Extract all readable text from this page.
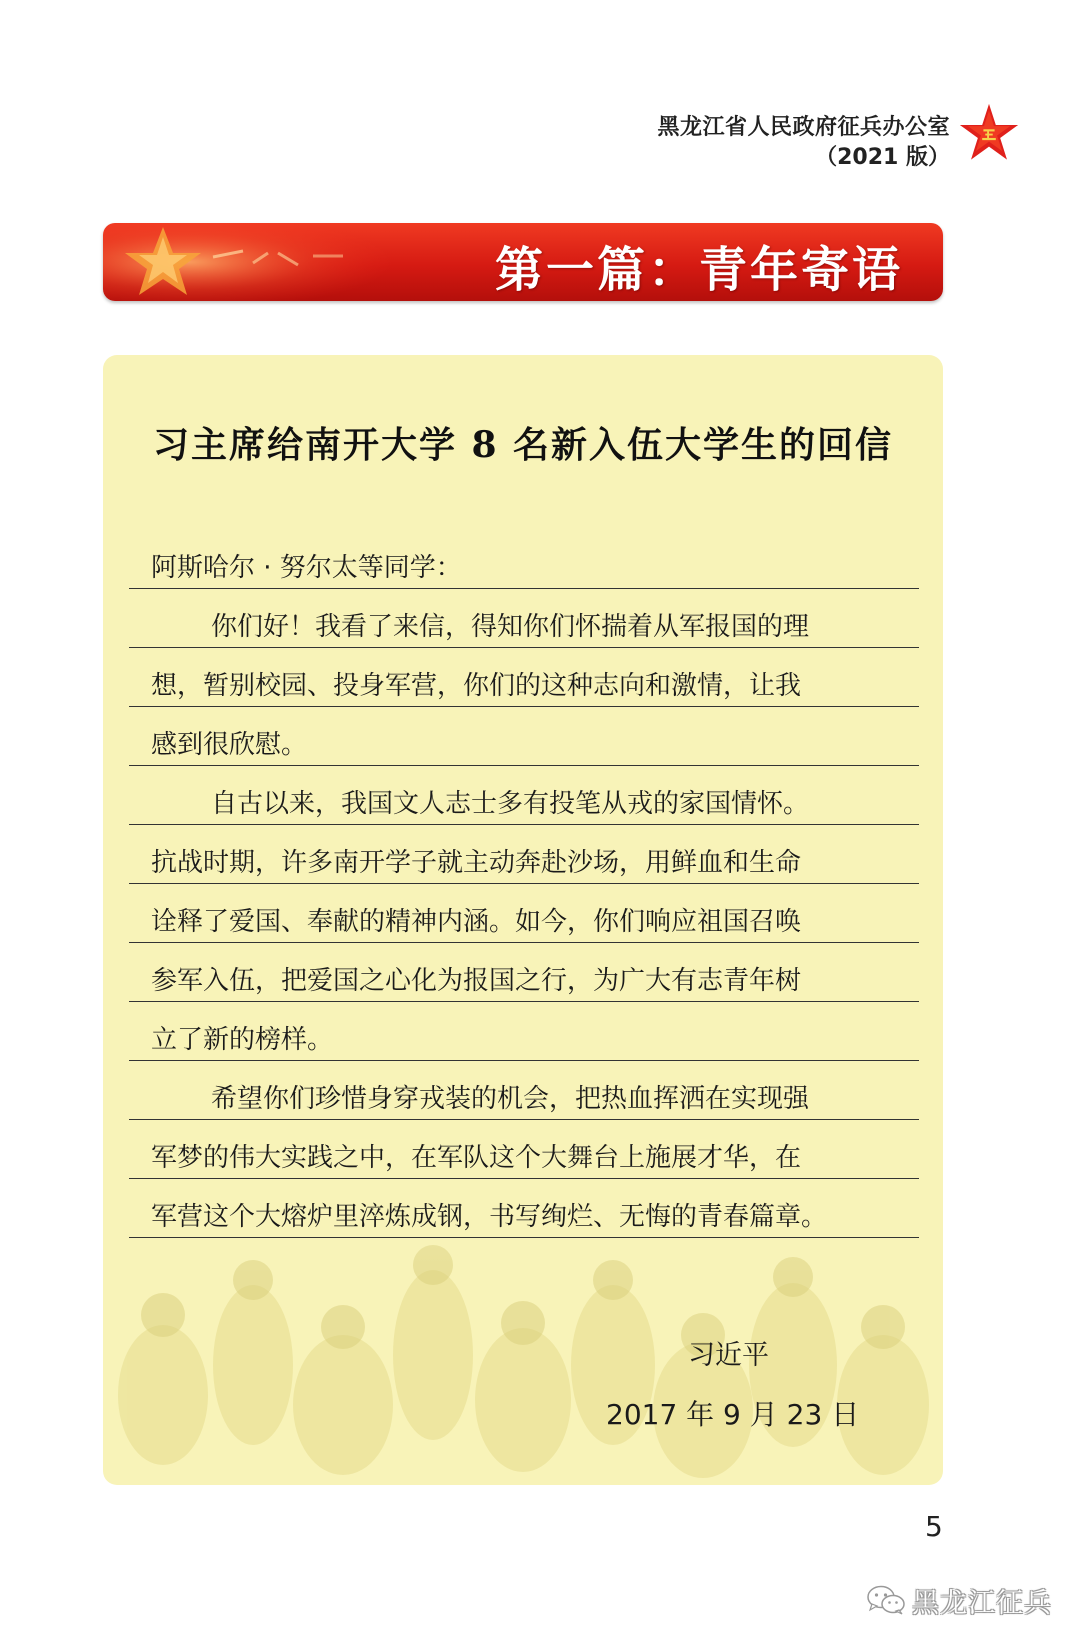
黑龙江省人民政府征兵办公室
（2021 版）
第一篇：青年寄语
习主席给南开大学 8 名新入伍大学生的回信
阿斯哈尔 · 努尔太等同学：
你们好！我看了来信，得知你们怀揣着从军报国的理
想，暂别校园、投身军营，你们的这种志向和激情，让我
感到很欣慰。
自古以来，我国文人志士多有投笔从戎的家国情怀。
抗战时期，许多南开学子就主动奔赴沙场，用鲜血和生命
诠释了爱国、奉献的精神内涵。如今，你们响应祖国召唤
参军入伍，把爱国之心化为报国之行，为广大有志青年树
立了新的榜样。
希望你们珍惜身穿戎装的机会，把热血挥洒在实现强
军梦的伟大实践之中，在军队这个大舞台上施展才华，在
军营这个大熔炉里淬炼成钢，书写绚烂、无悔的青春篇章。
习近平
2017 年 9 月 23 日
5
黑龙江征兵
